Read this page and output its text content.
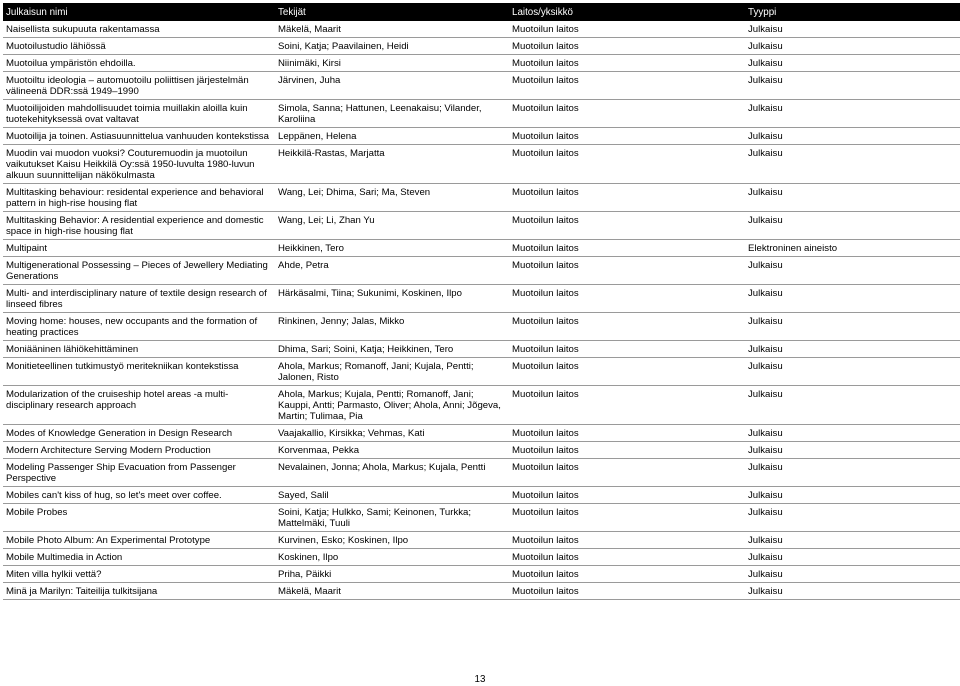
Julkaisun nimi	Tekijät	Laitos/yksikkö	Tyyppi
Naisellista sukupuuta rakentamassa	Mäkelä, Maarit	Muotoilun laitos	Julkaisu
Muotoilustudio lähiössä	Soini, Katja; Paavilainen, Heidi	Muotoilun laitos	Julkaisu
Muotoilua ympäristön ehdoilla.	Niinimäki, Kirsi	Muotoilun laitos	Julkaisu
Muotoiltu ideologia – automuotoilu poliittisen järjestelmän välineenä DDR:ssä 1949–1990	Järvinen, Juha	Muotoilun laitos	Julkaisu
Muotoilijoiden mahdollisuudet toimia muillakin aloilla kuin tuotekehityksessä ovat valtavat	Simola, Sanna; Hattunen, Leenakaisu; Vilander, Karoliina	Muotoilun laitos	Julkaisu
Muotoilija ja toinen. Astiasuunnittelua vanhuuden kontekstissa	Leppänen, Helena	Muotoilun laitos	Julkaisu
Muodin vai muodon vuoksi? Couturemuodin ja muotoilun vaikutukset Kaisu Heikkilä Oy:ssä 1950-luvulta 1980-luvun alkuun suunnittelijan näkökulmasta	Heikkilä-Rastas, Marjatta	Muotoilun laitos	Julkaisu
Multitasking behaviour: residental experience and behavioral pattern in high-rise housing flat	Wang, Lei; Dhima, Sari; Ma, Steven	Muotoilun laitos	Julkaisu
Multitasking Behavior: A residential experience and domestic space in high-rise housing flat	Wang, Lei; Li, Zhan Yu	Muotoilun laitos	Julkaisu
Multipaint	Heikkinen, Tero	Muotoilun laitos	Elektroninen aineisto
Multigenerational Possessing – Pieces of Jewellery Mediating Generations	Ahde, Petra	Muotoilun laitos	Julkaisu
Multi- and interdisciplinary nature of textile design research of linseed fibres	Härkäsalmi, Tiina; Sukunimi, Koskinen, Ilpo	Muotoilun laitos	Julkaisu
Moving home: houses, new occupants and the formation of heating practices	Rinkinen, Jenny; Jalas, Mikko	Muotoilun laitos	Julkaisu
Moniääninen lähiökehittäminen	Dhima, Sari; Soini, Katja; Heikkinen, Tero	Muotoilun laitos	Julkaisu
Monitieteellinen tutkimustyö meritekniikan kontekstissa	Ahola, Markus; Romanoff, Jani; Kujala, Pentti; Jalonen, Risto	Muotoilun laitos	Julkaisu
Modularization of the cruiseship hotel areas -a multi-disciplinary research approach	Ahola, Markus; Kujala, Pentti; Romanoff, Jani; Kauppi, Antti; Parmasto, Oliver; Ahola, Anni; Jõgeva, Martin; Tulimaa, Pia	Muotoilun laitos	Julkaisu
Modes of Knowledge Generation in Design Research	Vaajakallio, Kirsikka; Vehmas, Kati	Muotoilun laitos	Julkaisu
Modern Architecture Serving Modern Production	Korvenmaa, Pekka	Muotoilun laitos	Julkaisu
Modeling Passenger Ship Evacuation from Passenger Perspective	Nevalainen, Jonna; Ahola, Markus; Kujala, Pentti	Muotoilun laitos	Julkaisu
Mobiles can't kiss of hug, so let's meet over coffee.	Sayed, Salil	Muotoilun laitos	Julkaisu
Mobile Probes	Soini, Katja; Hulkko, Sami; Keinonen, Turkka; Mattelmäki, Tuuli	Muotoilun laitos	Julkaisu
Mobile Photo Album: An Experimental Prototype	Kurvinen, Esko; Koskinen, Ilpo	Muotoilun laitos	Julkaisu
Mobile Multimedia in Action	Koskinen, Ilpo	Muotoilun laitos	Julkaisu
Miten villa hylkii vettä?	Priha, Päikki	Muotoilun laitos	Julkaisu
Minä ja Marilyn: Taiteilija tulkitsijana	Mäkelä, Maarit	Muotoilun laitos	Julkaisu
13
